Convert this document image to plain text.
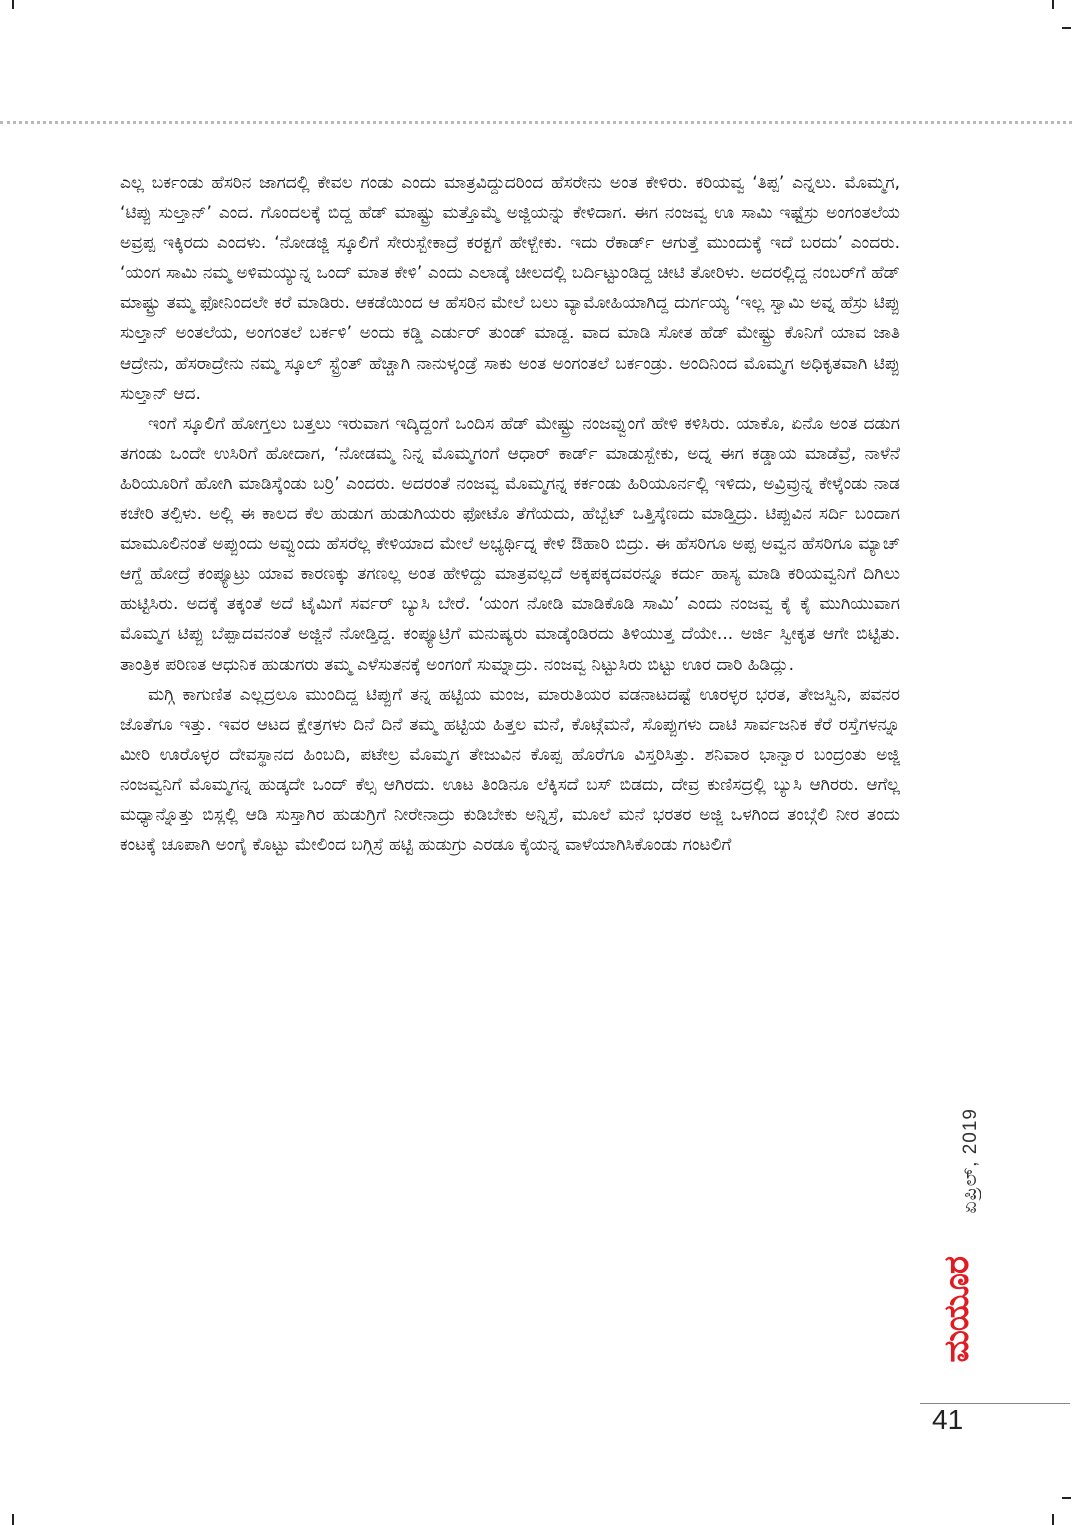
ಎಲ್ಲ ಬರ್ಕಂಡು ಹೆಸರಿನ ಜಾಗದಲ್ಲಿ ಕೇವಲ ಗಂಡು ಎಂದು ಮಾತ್ರವಿದ್ದುದರಿಂದ ಹೆಸರೇನು ಅಂತ ಕೇಳಿರು. ಕರಿಯವ್ವ ‘ತಿಪ್ಪ’ ಎನ್ನಲು. ಮೊಮ್ಮಗ, ‘ಟಿಪ್ಪು ಸುಲ್ತಾನ್’ ಎಂದ. ಗೊಂದಲಕ್ಕೆ ಬಿದ್ದ ಹೆಡ್ ಮಾಷ್ಟ್ರು ಮತ್ತೊಮ್ಮೆ ಅಜ್ಜಿಯನ್ನು ಕೇಳಿದಾಗ. ಈಗ ನಂಜವ್ವ ಊ ಸಾಮಿ ಇಷ್ಟೆಸ್ರು ಅಂಗಂತಲೆಯ ಅವ್ರಪ್ಪ ಇಕ್ಕಿರದು ಎಂದಳು. ‘ನೋಡಜ್ಜಿ ಸ್ಕೂಲಿಗೆ ಸೇರುಸ್ಬೇಕಾದ್ರೆ ಕರಕ್ಟಗೆ ಹೇಳ್ಬೇಕು. ಇದು ರೆಕಾರ್ಡ್ ಆಗುತ್ತೆ ಮುಂದುಕ್ಕೆ ಇದೆ ಬರದು’ ಎಂದರು. ‘ಯಂಗ ಸಾಮಿ ನಮ್ಮ ಅಳಿಮಯ್ಯುನ್ನ ಒಂದ್ ಮಾತ ಕೇಳಿ’ ಎಂದು ಎಲಾಡ್ಕೆ ಚೀಲದಲ್ಲಿ ಬರ್ದಿಟ್ಟುಂಡಿದ್ದ ಚೀಟಿ ತೋರಿಳು. ಅದರಲ್ಲಿದ್ದ ನಂಬರ್‌ಗೆ ಹೆಡ್ ಮಾಷ್ಟ್ರು ತಮ್ಮ ಫೋನಿಂದಲೇ ಕರೆ ಮಾಡಿರು. ಆಕಡೆಯಿಂದ ಆ ಹೆಸರಿನ ಮೇಲೆ ಬಲು ವ್ಯಾಮೋಹಿಯಾಗಿದ್ದ ದುರ್ಗಯ್ಯ ‘ಇಲ್ಲ ಸ್ವಾಮಿ ಅವ್ನ ಹೆಸ್ರು ಟಿಪ್ಪು ಸುಲ್ತಾನ್ ಅಂತಲೆಯ, ಅಂಗಂತಲೆ ಬರ್ಕಳಿ’ ಅಂದು ಕಡ್ಡಿ ಎರ್ಡುರ್ ತುಂಡ್ ಮಾಡ್ದ. ವಾದ ಮಾಡಿ ಸೋತ ಹೆಡ್ ಮೇಷ್ಟ್ರು ಕೊನಿಗೆ ಯಾವ ಜಾತಿ ಆದ್ರೇನು, ಹೆಸರಾದ್ರೇನು ನಮ್ಮ ಸ್ಕೂಲ್ ಸ್ಟ್ರೆಂತ್ ಹೆಚ್ಚಾಗಿ ನಾನುಳ್ಕಂಡ್ರೆ ಸಾಕು ಅಂತ ಅಂಗಂತಲೆ ಬರ್ಕಂಡ್ರು. ಅಂದಿನಿಂದ ಮೊಮ್ಮಗ ಅಧಿಕೃತವಾಗಿ ಟಿಪ್ಪು ಸುಲ್ತಾನ್ ಆದ.

ಇಂಗೆ ಸ್ಕೂಲಿಗೆ ಹೋಗ್ತಲು ಬತ್ತಲು ಇರುವಾಗ ಇದ್ಕಿದ್ದಂಗೆ ಒಂದಿಸ ಹೆಡ್ ಮೇಷ್ಟ್ರು ನಂಜವ್ವುಂಗೆ ಹೇಳಿ ಕಳಿಸಿರು. ಯಾಕೊ, ಏನೊ ಅಂತ ದಡುಗ ತಗಂಡು ಒಂದೇ ಉಸಿರಿಗೆ ಹೋದಾಗ, ‘ನೋಡಮ್ಮ ನಿನ್ನ ಮೊಮ್ಮಗಂಗೆ ಆಧಾರ್ ಕಾರ್ಡ್ ಮಾಡುಸ್ಬೇಕು, ಅದ್ನ ಈಗ ಕಡ್ಡಾಯ ಮಾಡೆವ್ರೆ, ನಾಳೆನೆ ಹಿರಿಯೂರಿಗೆ ಹೋಗಿ ಮಾಡಿಸ್ಕೆಂಡು ಬರ್ರಿ’ ಎಂದರು. ಅದರಂತೆ ನಂಜವ್ವ ಮೊಮ್ಮಗನ್ನ ಕರ್ಕಂಡು ಹಿರಿಯೂರ್ನಲ್ಲಿ ಇಳಿದು, ಅವ್ರಿವ್ರುನ್ನ ಕೇಳ್ಕೆಂಡು ನಾಡ ಕಚೇರಿ ತಲ್ಪಿಳು. ಅಲ್ಲಿ ಈ ಕಾಲದ ಕೆಲ ಹುಡುಗ ಹುಡುಗಿಯರು ಫೋಟೊ ತೆಗೆಯದು, ಹೆಬ್ಬೆಟ್ ಒತ್ತಿಸ್ಕೆಣದು ಮಾಡ್ತಿದ್ರು. ಟಿಪ್ಪುವಿನ ಸರ್ದಿ ಬಂದಾಗ ಮಾಮೂಲಿನಂತೆ ಅಪ್ಪುಂದು ಅವ್ವುಂದು ಹೆಸರೆಲ್ಲ ಕೇಳಿಯಾದ ಮೇಲೆ ಅಭ್ಯರ್ಥಿದ್ನ ಕೇಳಿ ಔಹಾರಿ ಬಿದ್ರು. ಈ ಹೆಸರಿಗೂ ಅಪ್ಪ ಅವ್ವನ ಹೆಸರಿಗೂ ಮ್ಯಾಚ್ ಆಗ್ದೆ ಹೋದ್ರೆ ಕಂಪ್ಯೂಟ್ರು ಯಾವ ಕಾರಣಕ್ಕು ತಗಣಲ್ಲ ಅಂತ ಹೇಳಿದ್ದು ಮಾತ್ರವಲ್ಲದೆ ಅಕ್ಕಪಕ್ಕದವರನ್ನೂ ಕರ್ದು ಹಾಸ್ಯ ಮಾಡಿ ಕರಿಯವ್ವನಿಗೆ ದಿಗಿಲು ಹುಟ್ಟಿಸಿರು. ಅದಕ್ಕೆ ತಕ್ಕಂತೆ ಅದೆ ಟೈಮಿಗೆ ಸರ್ವರ್ ಬ್ಯುಸಿ ಬೇರೆ. ‘ಯಂಗ ನೋಡಿ ಮಾಡಿಕೊಡಿ ಸಾಮಿ’ ಎಂದು ನಂಜವ್ವ ಕೈ ಕೈ ಮುಗಿಯುವಾಗ ಮೊಮ್ಮಗ ಟಿಪ್ಪು ಬೆಪ್ಪಾದವನಂತೆ ಅಜ್ಜಿನೆ ನೋಡ್ತಿದ್ದ. ಕಂಪ್ಯೂಟ್ರಿಗೆ ಮನುಷ್ಯರು ಮಾಡ್ಕೆಂಡಿರದು ತಿಳಿಯುತ್ತ ದೆಯೇ... ಅರ್ಜಿ ಸ್ವೀಕೃತ ಆಗೇ ಬಿಟ್ಟಿತು. ತಾಂತ್ರಿಕ ಪರಿಣತ ಆಧುನಿಕ ಹುಡುಗರು ತಮ್ಮ ಎಳೆಸುತನಕ್ಕೆ ಅಂಗಂಗೆ ಸುಮ್ನಾದ್ರು. ನಂಜವ್ವ ನಿಟ್ಟುಸಿರು ಬಿಟ್ಟು ಊರ ದಾರಿ ಹಿಡಿದ್ಲು.

ಮಗ್ಗಿ ಕಾಗುಣಿತ ಎಲ್ಲದ್ರಲೂ ಮುಂದಿದ್ದ ಟಿಪ್ಪುಗೆ ತನ್ನ ಹಟ್ಟಿಯ ಮಂಜ, ಮಾರುತಿಯರ ವಡನಾಟದಷ್ಟೆ ಊರಳ್ಳರ ಭರತ, ತೇಜಸ್ವಿನಿ, ಪವನರ ಜೊತೆಗೂ ಇತ್ತು. ಇವರ ಆಟದ ಕ್ಷೇತ್ರಗಳು ದಿನೆ ದಿನೆ ತಮ್ಮ ಹಟ್ಟಿಯ ಹಿತ್ತಲ ಮನೆ, ಕೊಟ್ಗೆಮನೆ, ಸೊಪ್ಪುಗಳು ದಾಟಿ ಸಾರ್ವಜನಿಕ ಕೆರೆ ರಸ್ತೆಗಳನ್ನೂ ಮೀರಿ ಊರೊಳ್ಳರ ದೇವಸ್ಥಾನದ ಹಿಂಬದಿ, ಪಟೇಲ್ರ ಮೊಮ್ಮಗ ತೇಜುವಿನ ಕೊಪ್ಪ ಹೊರೆಗೂ ವಿಸ್ತರಿಸಿತ್ತು. ಶನಿವಾರ ಭಾನ್ವಾರ ಬಂದ್ರಂತು ಅಜ್ಜಿ ನಂಜವ್ವನಿಗೆ ಮೊಮ್ಮಗನ್ನ ಹುಡ್ಕದೇ ಒಂದ್ ಕೆಲ್ಸ ಆಗಿರದು. ಊಟ ತಿಂಡಿನೂ ಲೆಕ್ಕಿಸದೆ ಬಸ್ ಬಿಡದು, ದೇವ್ರ ಕುಣಿಸದ್ರಲ್ಲಿ ಬ್ಯುಸಿ ಆಗಿರರು. ಆಗೆಲ್ಲ ಮಧ್ಯಾನ್ನೊತ್ತು ಬಿಸ್ಲಲ್ಲಿ ಆಡಿ ಸುಸ್ತಾಗಿರ ಹುಡುಗ್ರಿಗೆ ನೀರೇನಾದ್ರು ಕುಡಿಬೇಕು ಅನ್ನಿಸ್ರೆ, ಮೂಲೆ ಮನೆ ಭರತರ ಅಜ್ಜಿ ಒಳಗಿಂದ ತಂಬ್ಗೆಲಿ ನೀರ ತಂದು ಕಂಟಕ್ಕೆ ಚೂಪಾಗಿ ಅಂಗೈ ಕೊಟ್ಟು ಮೇಲಿಂದ ಬಗ್ಗಿಸ್ರೆ ಹಟ್ಟಿ ಹುಡುಗ್ರು ಎರಡೂ ಕೈಯನ್ನ ವಾಳೆಯಾಗಿಸಿಕೊಂಡು ಗಂಟಲಿಗೆ

ಏಪ್ರಿಲ್, 2019
ಮಯೂರ
41
